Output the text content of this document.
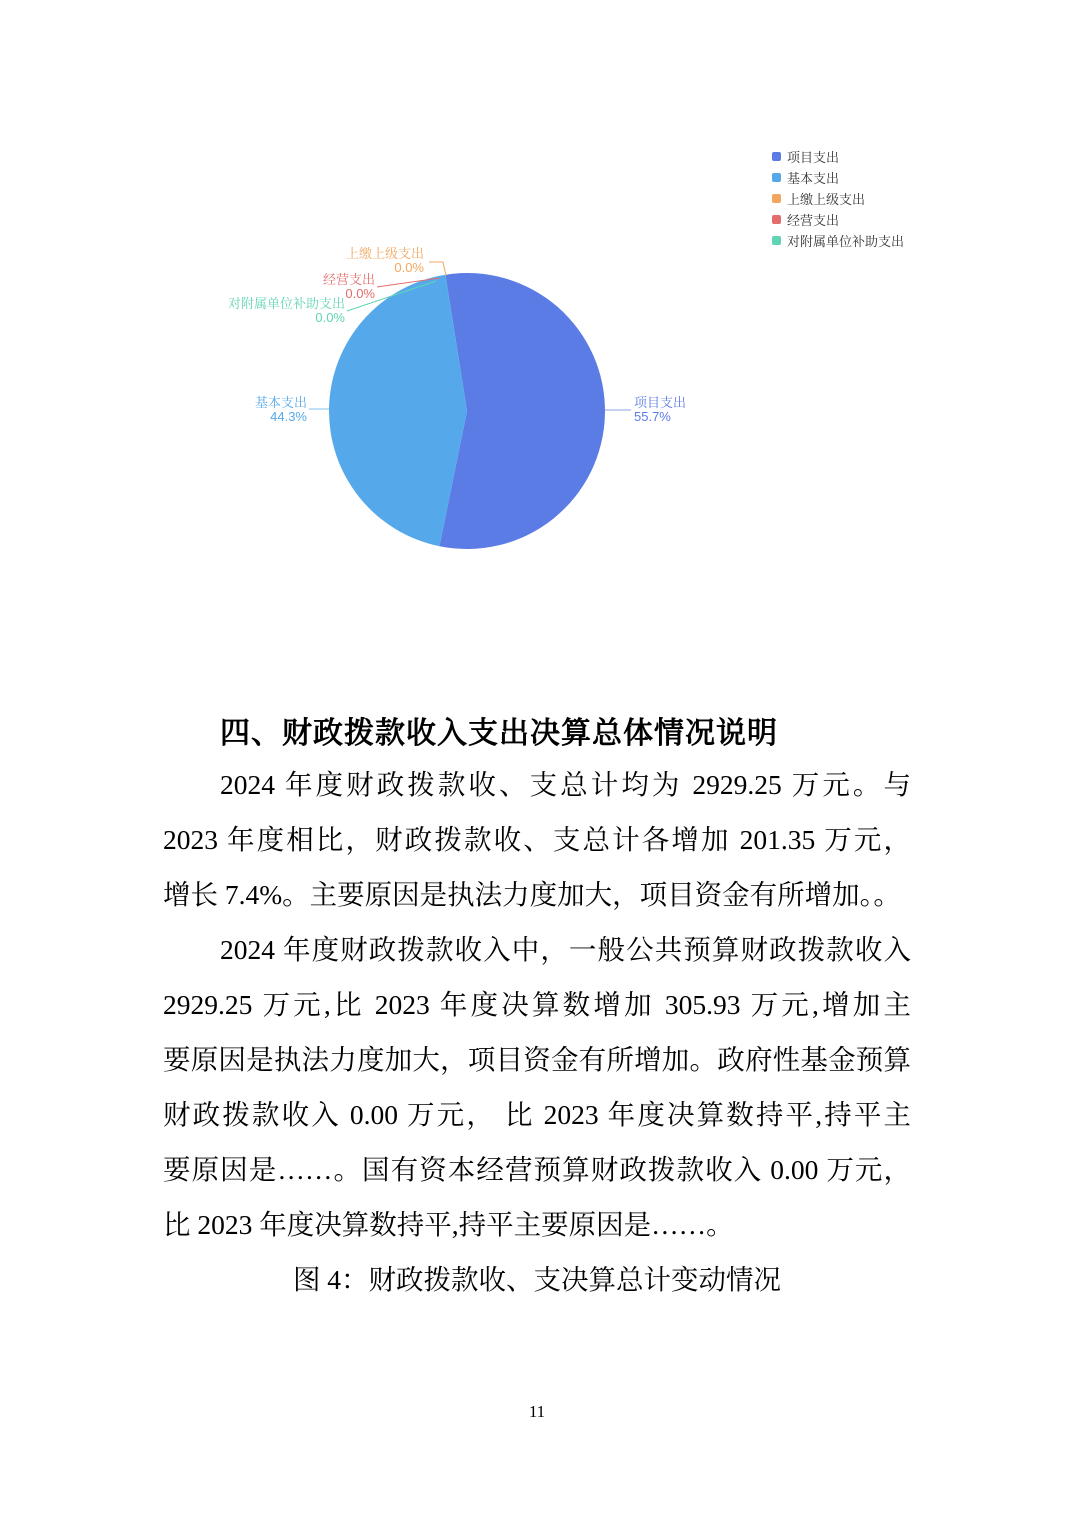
上缴上级支出
0.0%
经营支出
0.0%
对附属单位补助支出
0.0%
基本支出
44.3%
项目支出
55.7%
项目支出
基本支出
上缴上级支出
经营支出
对附属单位补助支出
四、财政拨款收入支出决算总体情况说明
2024 年度财政拨款收、支总计均为 2929.25 万元。与
2023 年度相比，财政拨款收、支总计各增加 201.35 万元，
增长 7.4%。主要原因是执法力度加大，项目资金有所增加。。
2024 年度财政拨款收入中，一般公共预算财政拨款收入
2929.25 万元,比 2023 年度决算数增加 305.93 万元,增加主
要原因是执法力度加大，项目资金有所增加。政府性基金预算
财政拨款收入 0.00 万元， 比 2023 年度决算数持平,持平主
要原因是……。国有资本经营预算财政拨款收入 0.00 万元，
比 2023 年度决算数持平,持平主要原因是……。
图 4：财政拨款收、支决算总计变动情况
11
